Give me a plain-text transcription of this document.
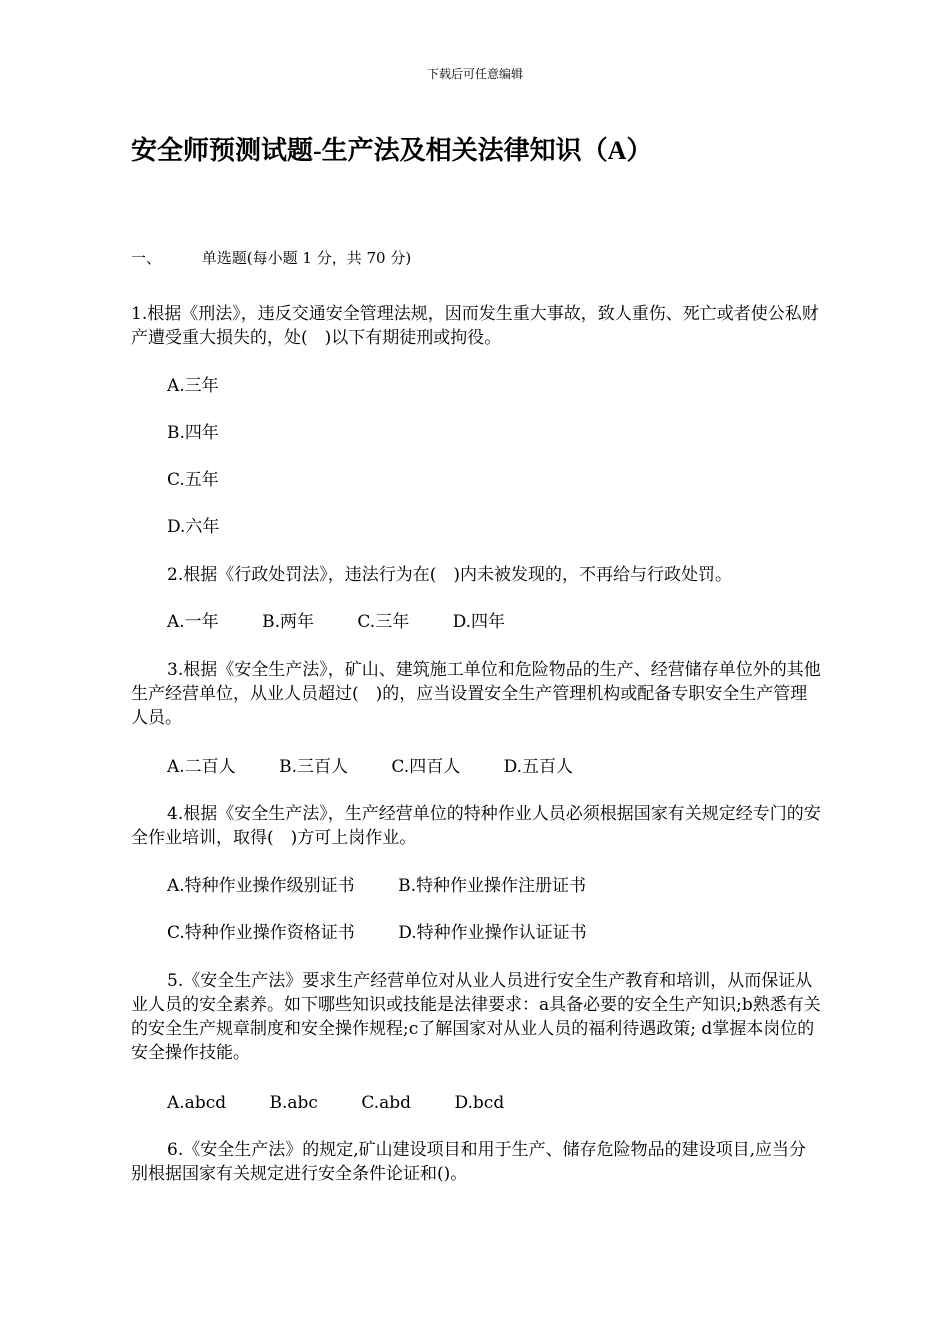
下载后可任意编辑
安全师预测试题-生产法及相关法律知识（A）
一、	单选题(每小题 1 分，共 70 分)
1.根据《刑法》，违反交通安全管理法规，因而发生重大事故，致人重伤、死亡或者使公私财产遭受重大损失的，处(　)以下有期徒刑或拘役。
A.三年
B.四年
C.五年
D.六年
2.根据《行政处罚法》，违法行为在(　)内未被发现的，不再给与行政处罚。
A.一年	B.两年	C.三年	D.四年
3.根据《安全生产法》，矿山、建筑施工单位和危险物品的生产、经营储存单位外的其他生产经营单位，从业人员超过(　)的，应当设置安全生产管理机构或配备专职安全生产管理人员。
A.二百人	B.三百人	C.四百人	D.五百人
4.根据《安全生产法》，生产经营单位的特种作业人员必须根据国家有关规定经专门的安全作业培训，取得(　)方可上岗作业。
A.特种作业操作级别证书	B.特种作业操作注册证书
C.特种作业操作资格证书	D.特种作业操作认证证书
5.《安全生产法》要求生产经营单位对从业人员进行安全生产教育和培训，从而保证从业人员的安全素养。如下哪些知识或技能是法律要求：a具备必要的安全生产知识;b熟悉有关的安全生产规章制度和安全操作规程;c了解国家对从业人员的福利待遇政策; d掌握本岗位的安全操作技能。
A.abcd	B.abc	C.abd	D.bcd
6.《安全生产法》的规定,矿山建设项目和用于生产、储存危险物品的建设项目,应当分别根据国家有关规定进行安全条件论证和()。
